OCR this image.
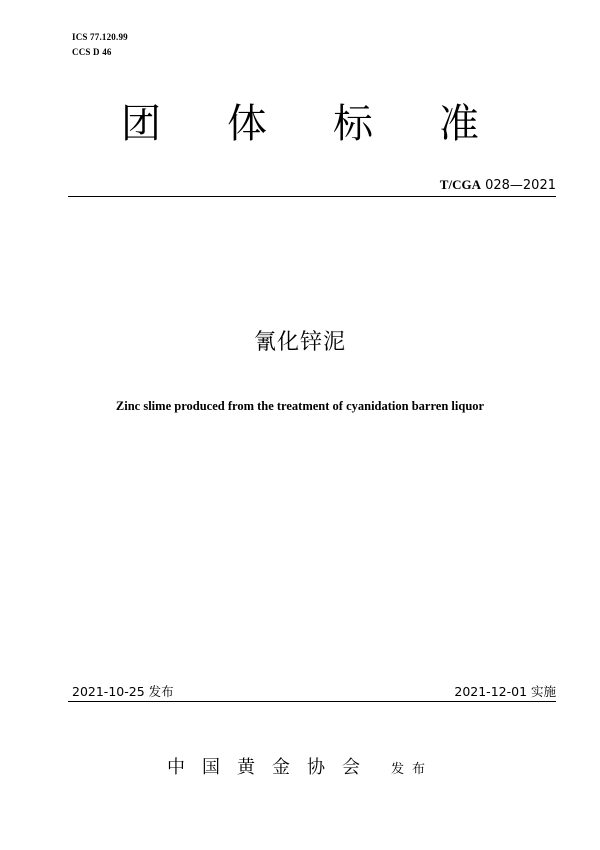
ICS 77.120.99
CCS D 46
团体标准
T/CGA 028—2021
氰化锌泥
Zinc slime produced from the treatment of cyanidation barren liquor
2021-10-25 发布	2021-12-01 实施
中国黄金协会 发布
